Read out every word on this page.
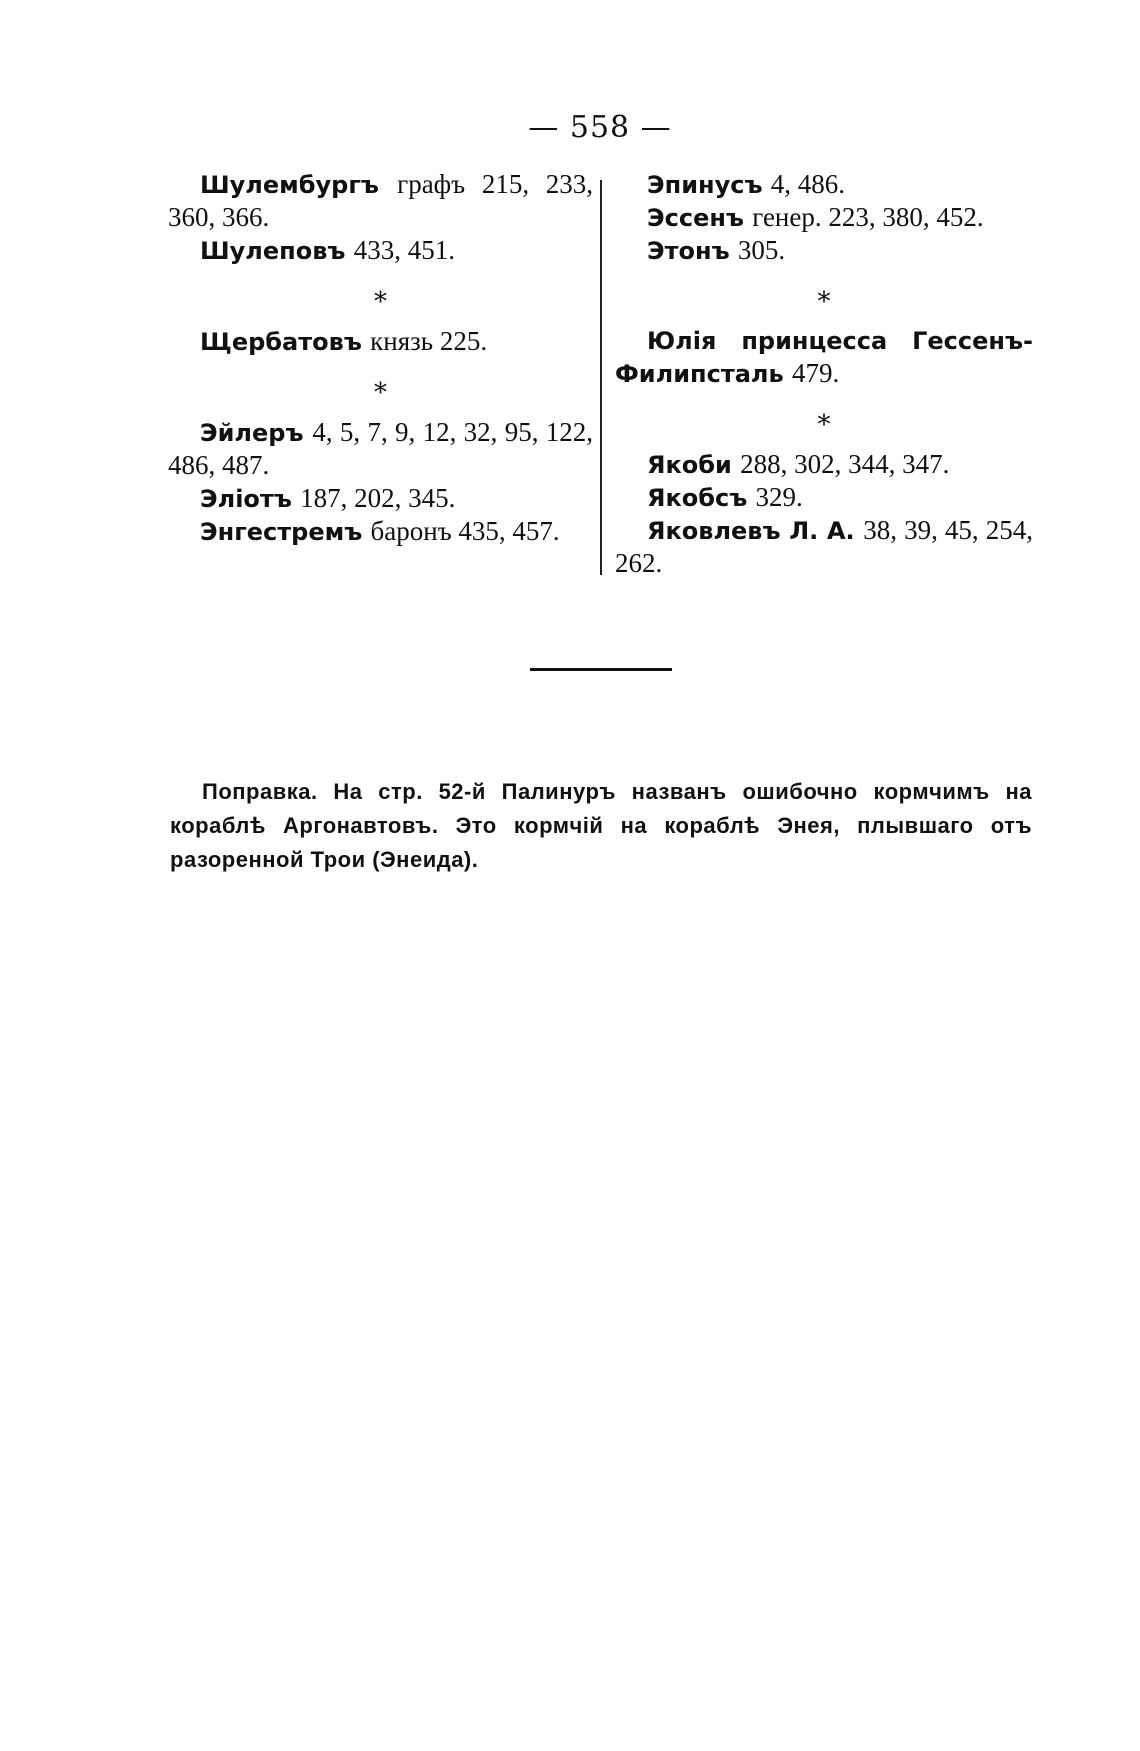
— 558 —
Шулембургъ графъ 215, 233, 360, 366.
Шулеповъ 433, 451.
*
Щербатовъ князь 225.
*
Эйлеръ 4, 5, 7, 9, 12, 32, 95, 122, 486, 487.
Эліотъ 187, 202, 345.
Энгестремъ баронъ 435, 457.
Эпинусъ 4, 486.
Эссенъ генер. 223, 380, 452.
Этонъ 305.
*
Юлія принцесса Гессенъ-Филипсталь 479.
*
Якоби 288, 302, 344, 347.
Якобсъ 329.
Яковлевъ Л. А. 38, 39, 45, 254, 262.
Поправка. На стр. 52-й Палинуръ названъ ошибочно кормчимъ на кораблѣ Аргонавтовъ. Это кормчій на кораблѣ Энея, плывшаго отъ разоренной Трои (Энеида).
